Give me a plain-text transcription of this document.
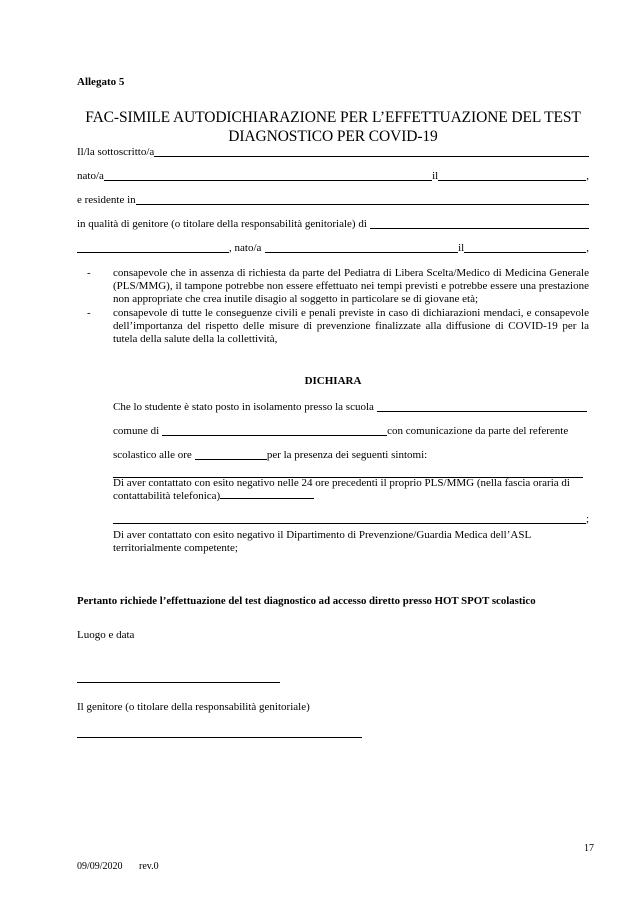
Allegato 5
FAC-SIMILE AUTODICHIARAZIONE PER L’EFFETTUAZIONE DEL TEST
DIAGNOSTICO PER COVID-19
Il/la sottoscritto/a
nato/a	il	,
e residente in
in qualità di genitore (o titolare della responsabilità genitoriale) di
, nato/a	il	,
-	consapevole che in assenza di richiesta da parte del Pediatra di Libera Scelta/Medico di Medicina Generale (PLS/MMG), il tampone potrebbe non essere effettuato nei tempi previsti e potrebbe essere una prestazione non appropriate che crea inutile disagio al soggetto in particolare se di giovane età;
-	consapevole di tutte le conseguenze civili e penali previste in caso di dichiarazioni mendaci, e consapevole dell’importanza del rispetto delle misure di prevenzione finalizzate alla diffusione di COVID-19 per la tutela della salute della la collettività,
DICHIARA
Che lo studente è stato posto in isolamento presso la scuola
comune di	con comunicazione da parte del referente
scolastico alle ore	per la presenza dei seguenti sintomi:
Di aver contattato con esito negativo nelle 24 ore precedenti il proprio PLS/MMG (nella fascia oraria di contattabilità telefonica)
;
Di aver contattato con esito negativo il Dipartimento di Prevenzione/Guardia Medica dell’ASL territorialmente competente;
Pertanto richiede l’effettuazione del test diagnostico ad accesso diretto presso HOT SPOT scolastico
Luogo e data
Il genitore (o titolare della responsabilità genitoriale)
17
09/09/2020 rev.0
